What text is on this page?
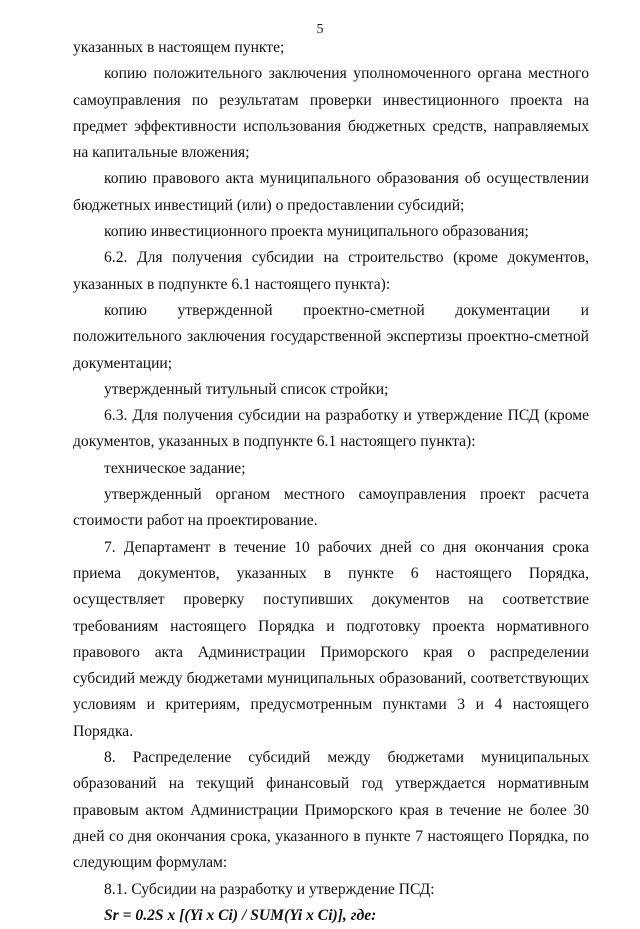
5

указанных в настоящем пункте;

копию положительного заключения уполномоченного органа местного самоуправления по результатам проверки инвестиционного проекта на предмет эффективности использования бюджетных средств, направляемых на капитальные вложения;

копию правового акта муниципального образования об осуществлении бюджетных инвестиций (или) о предоставлении субсидий;

копию инвестиционного проекта муниципального образования;

6.2. Для получения субсидии на строительство (кроме документов, указанных в подпункте 6.1 настоящего пункта):

копию утвержденной проектно-сметной документации и положительного заключения государственной экспертизы проектно-сметной документации;

утвержденный титульный список стройки;

6.3. Для получения субсидии на разработку и утверждение ПСД (кроме документов, указанных в подпункте 6.1 настоящего пункта):

техническое задание;

утвержденный органом местного самоуправления проект расчета стоимости работ на проектирование.

7. Департамент в течение 10 рабочих дней со дня окончания срока приема документов, указанных в пункте 6 настоящего Порядка, осуществляет проверку поступивших документов на соответствие требованиям настоящего Порядка и подготовку проекта нормативного правового акта Администрации Приморского края о распределении субсидий между бюджетами муниципальных образований, соответствующих условиям и критериям, предусмотренным пунктами 3 и 4 настоящего Порядка.

8. Распределение субсидий между бюджетами муниципальных образований на текущий финансовый год утверждается нормативным правовым актом Администрации Приморского края в течение не более 30 дней со дня окончания срока, указанного в пункте 7 настоящего Порядка, по следующим формулам:

8.1. Субсидии на разработку и утверждение ПСД:

Sr = 0.2S x [(Yi x Ci) / SUM(Yi x Ci)], где:
